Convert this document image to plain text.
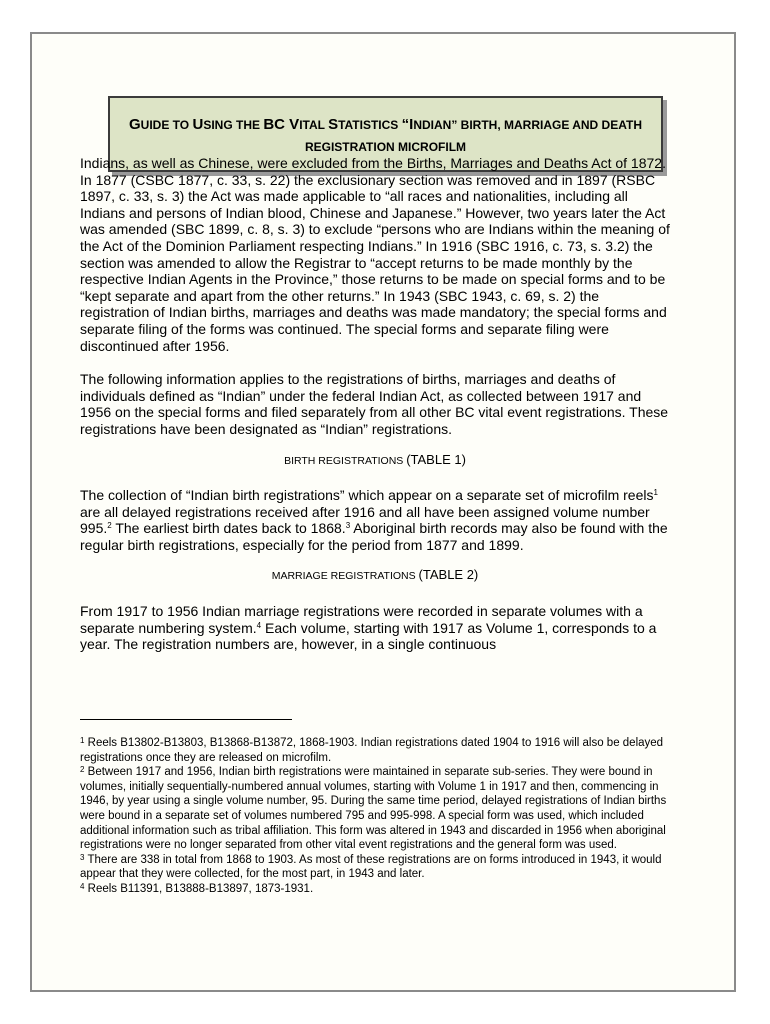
GUIDE TO USING THE BC VITAL STATISTICS “INDIAN” BIRTH, MARRIAGE AND DEATH
REGISTRATION MICROFILM

Indians, as well as Chinese, were excluded from the Births, Marriages and Deaths Act of 1872. In 1877 (CSBC 1877, c. 33, s. 22) the exclusionary section was removed and in 1897 (RSBC 1897, c. 33, s. 3) the Act was made applicable to “all races and nationalities, including all Indians and persons of Indian blood, Chinese and Japanese.” However, two years later the Act was amended (SBC 1899, c. 8, s. 3) to exclude “persons who are Indians within the meaning of the Act of the Dominion Parliament respecting Indians.” In 1916 (SBC 1916, c. 73, s. 3.2) the section was amended to allow the Registrar to “accept returns to be made monthly by the respective Indian Agents in the Province,” those returns to be made on special forms and to be “kept separate and apart from the other returns.” In 1943 (SBC 1943, c. 69, s. 2) the registration of Indian births, marriages and deaths was made mandatory; the special forms and separate filing of the forms was continued. The special forms and separate filing were discontinued after 1956.

The following information applies to the registrations of births, marriages and deaths of individuals defined as “Indian” under the federal Indian Act, as collected between 1917 and 1956 on the special forms and filed separately from all other BC vital event registrations. These registrations have been designated as “Indian” registrations.

BIRTH REGISTRATIONS (TABLE 1)

The collection of “Indian birth registrations” which appear on a separate set of microfilm reels$^1$ are all delayed registrations received after 1916 and all have been assigned volume number 995.$^2$ The earliest birth dates back to 1868.$^3$ Aboriginal birth records may also be found with the regular birth registrations, especially for the period from 1877 and 1899.

MARRIAGE REGISTRATIONS (TABLE 2)

From 1917 to 1956 Indian marriage registrations were recorded in separate volumes with a separate numbering system.$^4$ Each volume, starting with 1917 as Volume 1, corresponds to a year. The registration numbers are, however, in a single continuous

$^1$ Reels B13802-B13803, B13868-B13872, 1868-1903. Indian registrations dated 1904 to 1916 will also be delayed registrations once they are released on microfilm.

$^2$ Between 1917 and 1956, Indian birth registrations were maintained in separate sub-series. They were bound in volumes, initially sequentially-numbered annual volumes, starting with Volume 1 in 1917 and then, commencing in 1946, by year using a single volume number, 95. During the same time period, delayed registrations of Indian births were bound in a separate set of volumes numbered 795 and 995-998. A special form was used, which included additional information such as tribal affiliation. This form was altered in 1943 and discarded in 1956 when aboriginal registrations were no longer separated from other vital event registrations and the general form was used.

$^3$ There are 338 in total from 1868 to 1903. As most of these registrations are on forms introduced in 1943, it would appear that they were collected, for the most part, in 1943 and later.

$^4$ Reels B11391, B13888-B13897, 1873-1931.
